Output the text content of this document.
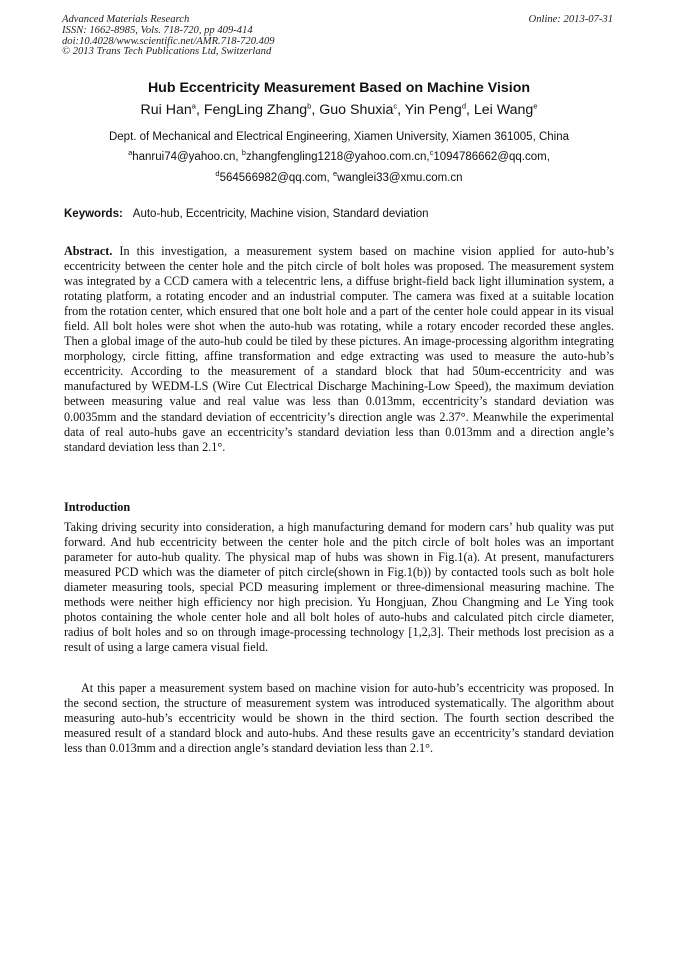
Advanced Materials Research
ISSN: 1662-8985, Vols. 718-720, pp 409-414
doi:10.4028/www.scientific.net/AMR.718-720.409
© 2013 Trans Tech Publications Ltd, Switzerland
Online: 2013-07-31
Hub Eccentricity Measurement Based on Machine Vision
Rui Han$^a$, FengLing Zhang$^b$, Guo Shuxia$^c$, Yin Peng$^d$, Lei Wang$^e$
Dept. of Mechanical and Electrical Engineering, Xiamen University, Xiamen 361005, China
$^a$hanrui74@yahoo.cn, $^b$zhangfengling1218@yahoo.com.cn,$^c$1094786662@qq.com,
$^d$564566982@qq.com, $^e$wanglei33@xmu.com.cn
Keywords: Auto-hub, Eccentricity, Machine vision, Standard deviation
Abstract. In this investigation, a measurement system based on machine vision applied for auto-hub’s eccentricity between the center hole and the pitch circle of bolt holes was proposed. The measurement system was integrated by a CCD camera with a telecentric lens, a diffuse bright-field back light illumination system, a rotating platform, a rotating encoder and an industrial computer. The camera was fixed at a suitable location from the rotation center, which ensured that one bolt hole and a part of the center hole could appear in its visual field. All bolt holes were shot when the auto-hub was rotating, while a rotary encoder recorded these angles. Then a global image of the auto-hub could be tiled by these pictures. An image-processing algorithm integrating morphology, circle fitting, affine transformation and edge extracting was used to measure the auto-hub’s eccentricity. According to the measurement of a standard block that had 50um-eccentricity and was manufactured by WEDM-LS (Wire Cut Electrical Discharge Machining-Low Speed), the maximum deviation between measuring value and real value was less than 0.013mm, eccentricity’s standard deviation was 0.0035mm and the standard deviation of eccentricity’s direction angle was 2.37°. Meanwhile the experimental data of real auto-hubs gave an eccentricity’s standard deviation less than 0.013mm and a direction angle’s standard deviation less than 2.1°.
Introduction
Taking driving security into consideration, a high manufacturing demand for modern cars’ hub quality was put forward. And hub eccentricity between the center hole and the pitch circle of bolt holes was an important parameter for auto-hub quality. The physical map of hubs was shown in Fig.1(a). At present, manufacturers measured PCD which was the diameter of pitch circle(shown in Fig.1(b)) by contacted tools such as bolt hole diameter measuring tools, special PCD measuring implement or three-dimensional measuring machine. The methods were neither high efficiency nor high precision. Yu Hongjuan, Zhou Changming and Le Ying took photos containing the whole center hole and all bolt holes of auto-hubs and calculated pitch circle diameter, radius of bolt holes and so on through image-processing technology [1,2,3]. Their methods lost precision as a result of using a large camera visual field.
At this paper a measurement system based on machine vision for auto-hub’s eccentricity was proposed. In the second section, the structure of measurement system was introduced systematically. The algorithm about measuring auto-hub’s eccentricity would be shown in the third section. The fourth section described the measured result of a standard block and auto-hubs. And these results gave an eccentricity’s standard deviation less than 0.013mm and a direction angle’s standard deviation less than 2.1°.
